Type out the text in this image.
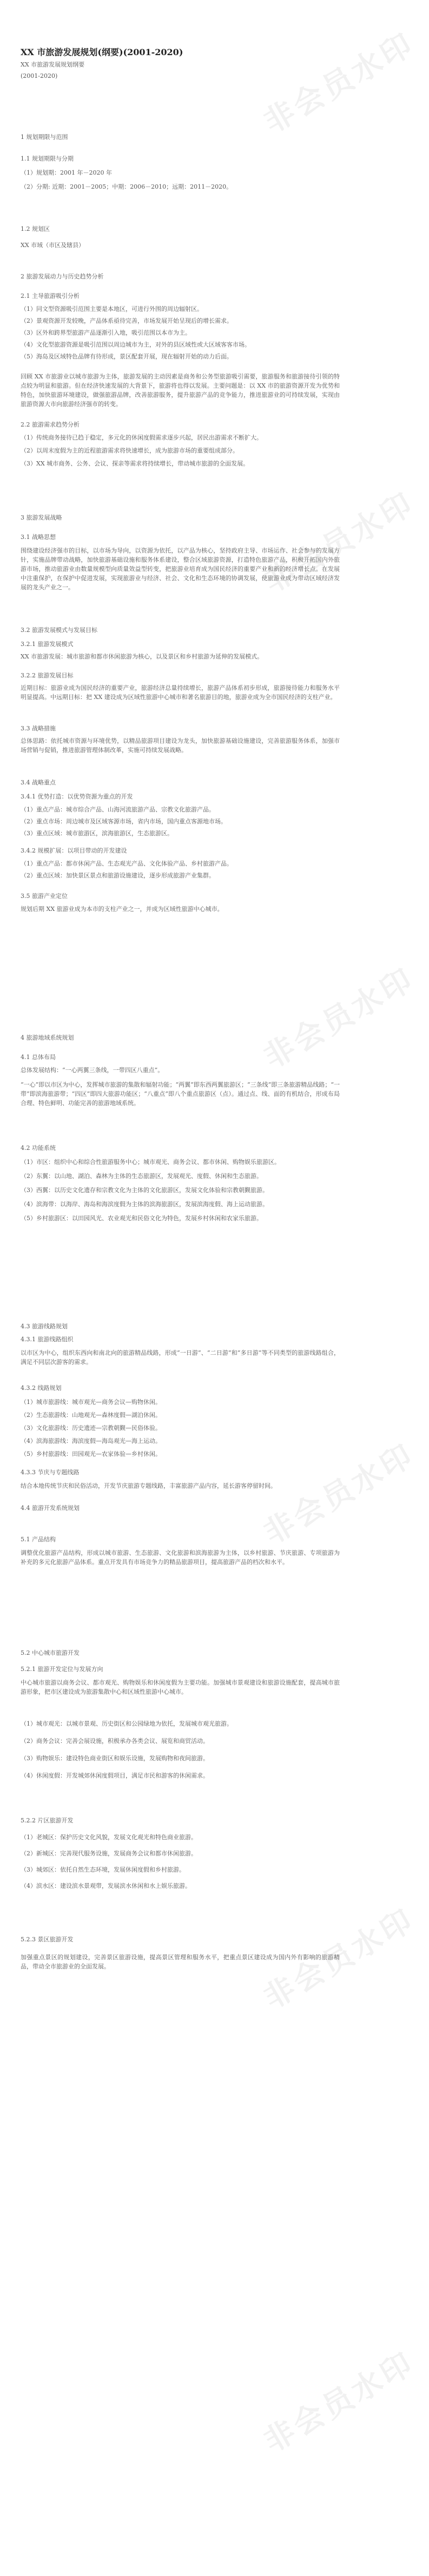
非会员水印
非会员水印
非会员水印
非会员水印
非会员水印
非会员水印
XX 市旅游发展规划(纲要)(2001-2020)
XX 市旅游发展规划纲要
(2001-2020)
1 规划期限与范围
1.1 规划期限与分期
（1）规划期：2001 年－2020 年
（2）分期: 近期：2001－2005；中期：2006－2010；远期：2011－2020。
1.2 规划区
XX 市域（市区及辖县）
2 旅游发展动力与历史趋势分析
2.1 主导旅游吸引分析
（1）同文型资源吸引范围主要是本地区，可进行外围的周边辐射区。
（2）景观资源开发较晚，产品体系亟待完善，市场发展开始呈现后的增长需求。
（3）区外和跨界型旅游产品逐渐引入地，吸引范围以本市为主。
（4）文化型旅游资源是吸引范围以周边城市为主，对外的县区域性或大区域客客市场。
（5）海岛及区域特色品牌有待形成，景区配套开展，现在辐射开始的动力后面。
回顾 XX 市旅游业以城市旅游为主体，旅游发展的主动因素是商务和公务型旅游吸引需要，旅游服务和旅游接待引领的特点较为明显和旅游。但在经济快速发展的大背景下，旅游将也得以发展。主要问题是：以 XX 市的旅游资源开发为优势和特色，加快旅游环境建设，做强旅游品牌，改善旅游服务，提升旅游产品的竞争能力，推进旅游业的可持续发展，实现由旅游资源大市向旅游经济强市的转变。
2.2 旅游需求趋势分析
（1）传统商务接待已趋于稳定，多元化的休闲度假需求逐步兴起，居民出游需求不断扩大。
（2）以周末度假为主的近程旅游需求将快速增长，成为旅游市场的重要组成部分。
（3）XX 城市商务、公务、会议、探亲等需求将持续增长，带动城市旅游的全面发展。
3 旅游发展战略
3.1 战略思想
围绕建设经济强市的目标，以市场为导向，以资源为依托，以产品为核心，坚持政府主导、市场运作、社会参与的发展方针，实施品牌带动战略，加快旅游基础设施和服务体系建设，整合区域旅游资源，打造特色旅游产品，积极开拓国内外旅游市场，推动旅游业由数量规模型向质量效益型转变，把旅游业培育成为国民经济的重要产业和新的经济增长点。在发展中注重保护，在保护中促进发展，实现旅游业与经济、社会、文化和生态环境的协调发展，使旅游业成为带动区域经济发展的龙头产业之一。
3.2 旅游发展模式与发展目标
3.2.1 旅游发展模式
XX 市旅游发展：城市旅游和都市休闲旅游为核心，以及景区和乡村旅游为延伸的发展模式。
3.2.2 旅游发展目标
近期目标：旅游业成为国民经济的重要产业，旅游经济总量持续增长，旅游产品体系初步形成，旅游接待能力和服务水平明显提高。中远期目标：把 XX 建设成为区域性旅游中心城市和著名旅游目的地，旅游业成为全市国民经济的支柱产业。
3.3 战略措施
总体思路：依托城市资源与环境优势，以精品旅游项目建设为龙头，加快旅游基础设施建设，完善旅游服务体系，加强市场营销与促销，推进旅游管理体制改革，实施可持续发展战略。
3.4 战略重点
3.4.1 优势打造：以优势资源为重点的开发
（1）重点产品：城市综合产品、山海河流旅游产品、宗教文化旅游产品。
（2）重点市场：周边城市及区域客源市场，省内市场，国内重点客源地市场。
（3）重点区域：城市旅游区，滨海旅游区，生态旅游区。
3.4.2 规模扩展：以项目带动的开发建设
（1）重点产品：都市休闲产品、生态观光产品、文化体验产品、乡村旅游产品。
（2）重点区域：加快景区景点和旅游设施建设，逐步形成旅游产业集群。
3.5 旅游产业定位
规划后期 XX 旅游业成为本市的支柱产业之一，并成为区域性旅游中心城市。
4 旅游地域系统规划
4.1 总体布局
总体发展结构：“一心两翼三条线，一带四区八重点”。
“一心”即以市区为中心，发挥城市旅游的集散和辐射功能；“两翼”即东西两翼旅游区；“三条线”即三条旅游精品线路；“一带”即滨海旅游带；“四区”即四大旅游功能区；“八重点”即八个重点旅游区（点）。通过点、线、面的有机结合，形成布局合理、特色鲜明、功能完善的旅游地域系统。
4.2 功能系统
（1）市区：组织中心和综合性旅游服务中心；城市观光、商务会议、都市休闲、购物娱乐旅游区。
（2）东翼：以山地、湖泊、森林为主体的生态旅游区，发展观光、度假、休闲和生态旅游。
（3）西翼：以历史文化遗存和宗教文化为主体的文化旅游区，发展文化体验和宗教朝觐旅游。
（4）滨海带：以海岸、海岛和海滨度假为主体的滨海旅游区，发展滨海度假、海上运动旅游。
（5）乡村旅游区：以田园风光、农业观光和民俗文化为特色，发展乡村休闲和农家乐旅游。
4.3 旅游线路规划
4.3.1 旅游线路组织
以市区为中心，组织东西向和南北向的旅游精品线路，形成“一日游”、“二日游”和“多日游”等不同类型的旅游线路组合，满足不同层次游客的需求。
4.3.2 线路规划
（1）城市旅游线：城市观光—商务会议—购物休闲。
（2）生态旅游线：山地观光—森林度假—湖泊休闲。
（3）文化旅游线：历史遗迹—宗教朝觐—民俗体验。
（4）滨海旅游线：海滨度假—海岛观光—海上运动。
（5）乡村旅游线：田园观光—农家体验—乡村休闲。
4.3.3 节庆与专题线路
结合本地传统节庆和民俗活动，开发节庆旅游专题线路，丰富旅游产品内容，延长游客停留时间。
4.4 旅游开发系统规划
5.1 产品结构
调整优化旅游产品结构，形成以城市旅游、生态旅游、文化旅游和滨海旅游为主体，以乡村旅游、节庆旅游、专项旅游为补充的多元化旅游产品体系。重点开发具有市场竞争力的精品旅游项目，提高旅游产品的档次和水平。
5.2 中心城市旅游开发
5.2.1 旅游开发定位与发展方向
中心城市旅游以商务会议、都市观光、购物娱乐和休闲度假为主要功能。加强城市景观建设和旅游设施配套，提高城市旅游形象，把市区建设成为旅游集散中心和区域性旅游中心城市。
（1）城市观光：以城市景观、历史街区和公园绿地为依托，发展城市观光旅游。
（2）商务会议：完善会展设施，积极承办各类会议、展览和商贸活动。
（3）购物娱乐：建设特色商业街区和娱乐设施，发展购物和夜间旅游。
（4）休闲度假：开发城郊休闲度假项目，满足市民和游客的休闲需求。
5.2.2 片区旅游开发
（1）老城区：保护历史文化风貌，发展文化观光和特色商业旅游。
（2）新城区：完善现代服务设施，发展商务会议和都市休闲旅游。
（3）城郊区：依托自然生态环境，发展休闲度假和乡村旅游。
（4）滨水区：建设滨水景观带，发展滨水休闲和水上娱乐旅游。
5.2.3 景区旅游开发
加强重点景区的规划建设，完善景区旅游设施，提高景区管理和服务水平，把重点景区建设成为国内外有影响的旅游精品，带动全市旅游业的全面发展。
